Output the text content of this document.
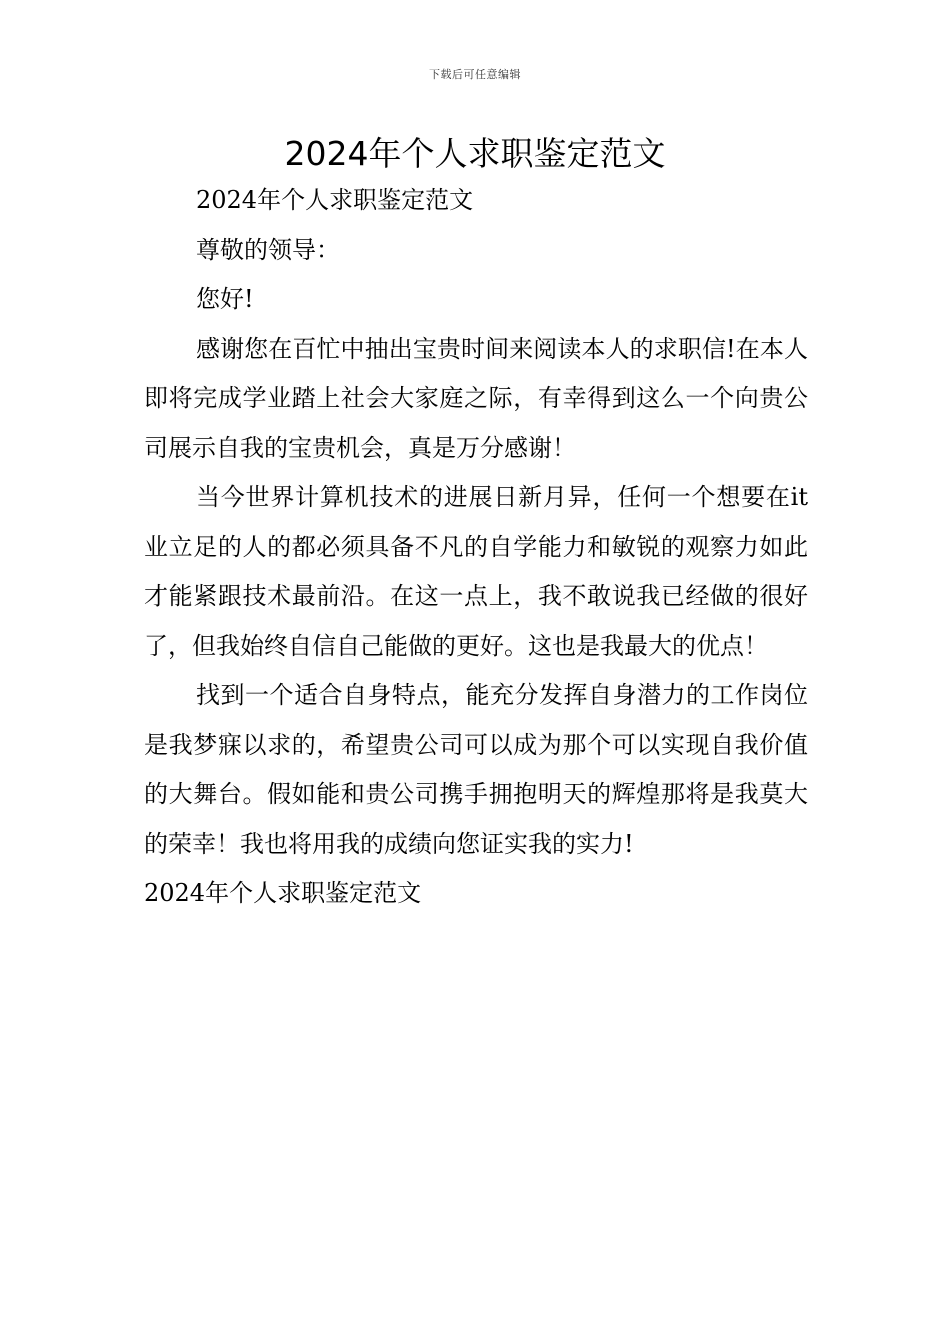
下载后可任意编辑
2024年个人求职鉴定范文

2024年个人求职鉴定范文

尊敬的领导：

您好!

感谢您在百忙中抽出宝贵时间来阅读本人的求职信!在本人即将完成学业踏上社会大家庭之际，有幸得到这么一个向贵公司展示自我的宝贵机会，真是万分感谢！

当今世界计算机技术的进展日新月异，任何一个想要在it业立足的人的都必须具备不凡的自学能力和敏锐的观察力如此才能紧跟技术最前沿。在这一点上，我不敢说我已经做的很好了，但我始终自信自己能做的更好。这也是我最大的优点！

找到一个适合自身特点，能充分发挥自身潜力的工作岗位是我梦寐以求的，希望贵公司可以成为那个可以实现自我价值的大舞台。假如能和贵公司携手拥抱明天的辉煌那将是我莫大的荣幸！我也将用我的成绩向您证实我的实力!

2024年个人求职鉴定范文
